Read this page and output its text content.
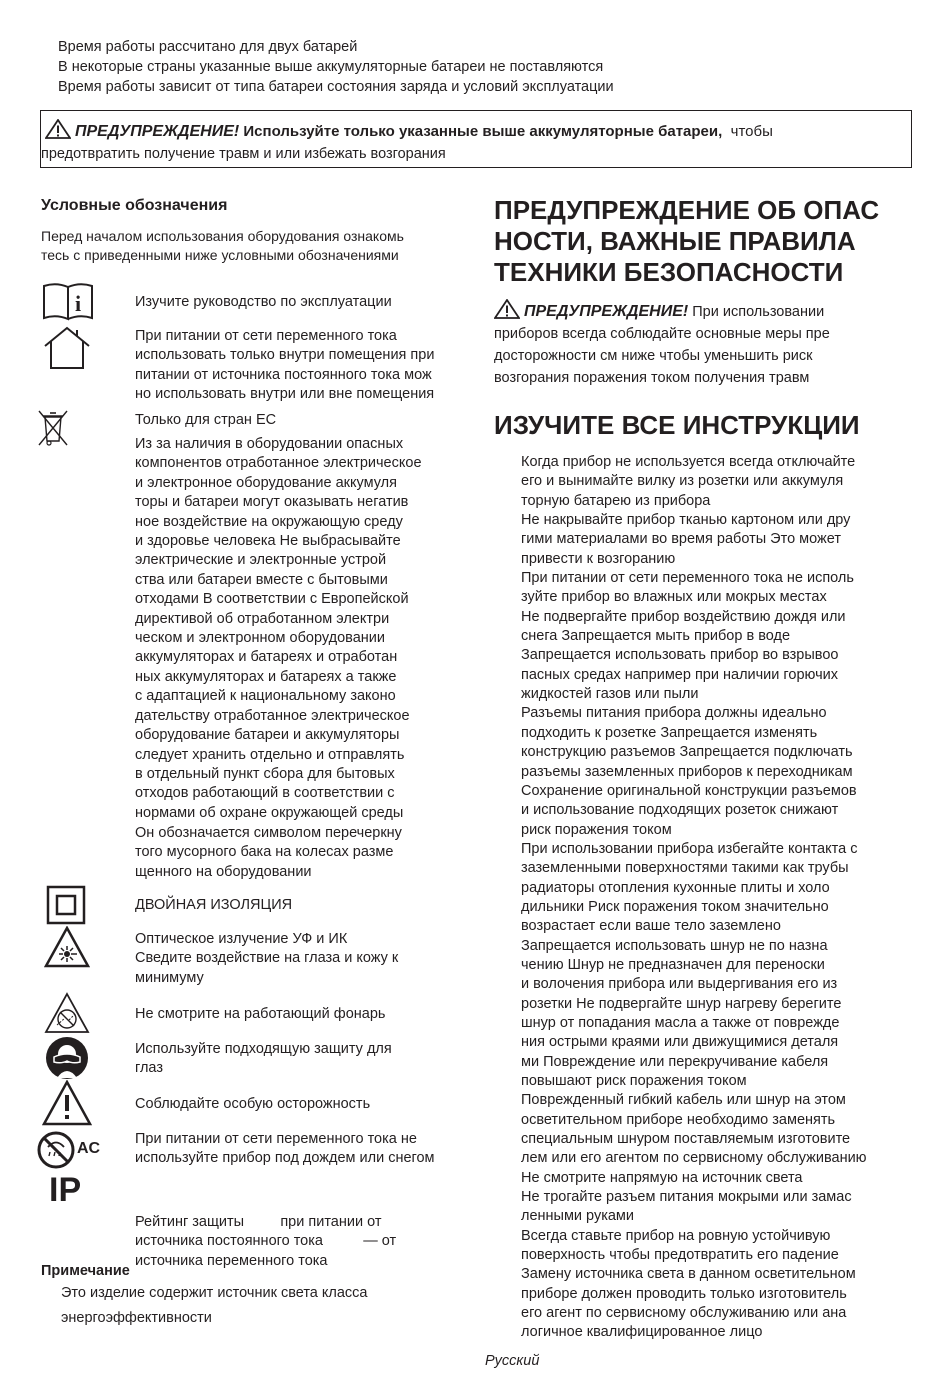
Время работы рассчитано для двух батарей
В некоторые страны указанные выше аккумуляторные батареи не поставляются
Время работы зависит от типа батареи состояния заряда и условий эксплуатации
ПРЕДУПРЕЖДЕНИЕ! Используйте только указанные выше аккумуляторные батареи, чтобы
предотвратить получение травм и или избежать возгорания
Условные обозначения
Перед началом использования оборудования ознакомь
тесь с приведенными ниже условными обозначениями
i	Изучите руководство по эксплуатации
При питании от сети переменного тока
использовать только внутри помещения при
питании от источника постоянного тока мож
но использовать внутри или вне помещения
Только для стран ЕС
Из за наличия в оборудовании опасных
компонентов отработанное электрическое
и электронное оборудование аккумуля
торы и батареи могут оказывать негатив
ное воздействие на окружающую среду
и здоровье человека Не выбрасывайте
электрические и электронные устрой
ства или батареи вместе с бытовыми
отходами В соответствии с Европейской
директивой об отработанном электри
ческом и электронном оборудовании
аккумуляторах и батареях и отработан
ных аккумуляторах и батареях а также
с адаптацией к национальному законо
дательству отработанное электрическое
оборудование батареи и аккумуляторы
следует хранить отдельно и отправлять
в отдельный пункт сбора для бытовых
отходов работающий в соответствии с
нормами об охране окружающей среды
Он обозначается символом перечеркну
того мусорного бака на колесах разме
щенного на оборудовании
ДВОЙНАЯ ИЗОЛЯЦИЯ
Оптическое излучение УФ и ИК
Сведите воздействие на глаза и кожу к
минимуму
Не смотрите на работающий фонарь
Используйте подходящую защиту для
глаз
Соблюдайте особую осторожность
AC
При питании от сети переменного тока не
используйте прибор под дождем или снегом
IP

Рейтинг защиты         при питании от
источника постоянного тока          — от
источника переменного тока

Примечание
Это изделие содержит источник света класса
энергоэффективности
ПРЕДУПРЕЖДЕНИЕ ОБ ОПАС
НОСТИ, ВАЖНЫЕ ПРАВИЛА
ТЕХНИКИ БЕЗОПАСНОСТИ
ПРЕДУПРЕЖДЕНИЕ! При использовании
приборов всегда соблюдайте основные меры пре
досторожности см ниже чтобы уменьшить риск
возгорания поражения током получения травм
ИЗУЧИТЕ ВСЕ ИНСТРУКЦИИ
Когда прибор не используется всегда отключайте
его и вынимайте вилку из розетки или аккумуля
торную батарею из прибора
Не накрывайте прибор тканью картоном или дру
гими материалами во время работы Это может
привести к возгоранию
При питании от сети переменного тока не исполь
зуйте прибор во влажных или мокрых местах
Не подвергайте прибор воздействию дождя или
снега Запрещается мыть прибор в воде
Запрещается использовать прибор во взрывоо
пасных средах например при наличии горючих
жидкостей газов или пыли
Разъемы питания прибора должны идеально
подходить к розетке Запрещается изменять
конструкцию разъемов Запрещается подключать
разъемы заземленных приборов к переходникам
Сохранение оригинальной конструкции разъемов
и использование подходящих розеток снижают
риск поражения током
При использовании прибора избегайте контакта с
заземленными поверхностями такими как трубы
радиаторы отопления кухонные плиты и холо
дильники Риск поражения током значительно
возрастает если ваше тело заземлено
Запрещается использовать шнур не по назна
чению Шнур не предназначен для переноски
и волочения прибора или выдергивания его из
розетки Не подвергайте шнур нагреву берегите
шнур от попадания масла а также от поврежде
ния острыми краями или движущимися деталя
ми Повреждение или перекручивание кабеля
повышают риск поражения током
Поврежденный гибкий кабель или шнур на этом
осветительном приборе необходимо заменять
специальным шнуром поставляемым изготовите
лем или его агентом по сервисному обслуживанию
Не смотрите напрямую на источник света
Не трогайте разъем питания мокрыми или замас
ленными руками
Всегда ставьте прибор на ровную устойчивую
поверхность чтобы предотвратить его падение
Замену источника света в данном осветительном
приборе должен проводить только изготовитель
его агент по сервисному обслуживанию или ана
логичное квалифицированное лицо
Русский
